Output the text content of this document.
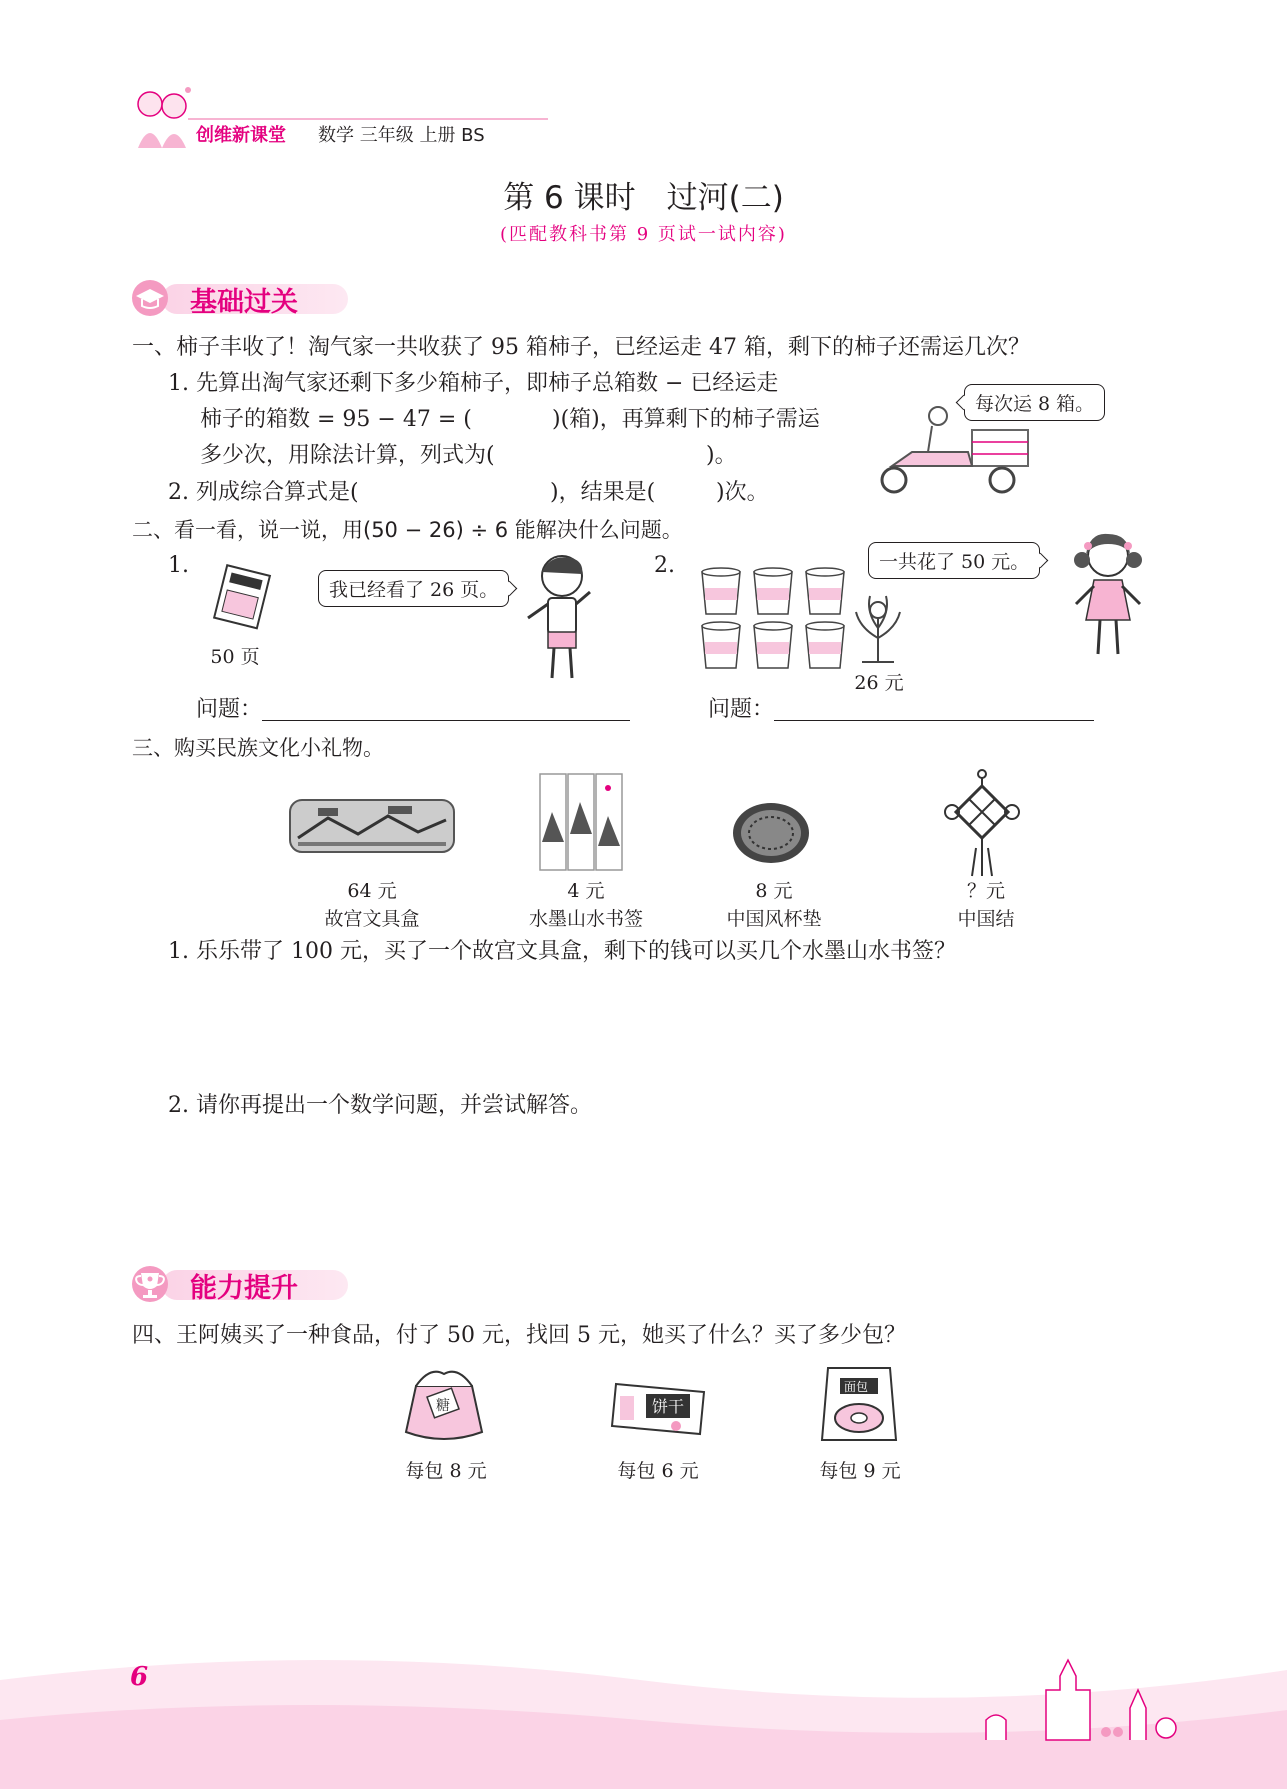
创维新课堂 数学 三年级 上册 BS
第 6 课时　过河(二)
(匹配教科书第 9 页试一试内容)
基础过关
一、柿子丰收了！淘气家一共收获了 95 箱柿子，已经运走 47 箱，剩下的柿子还需运几次？
1. 先算出淘气家还剩下多少箱柿子，即柿子总箱数 − 已经运走
柿子的箱数 = 95 − 47 = (	)(箱)，再算剩下的柿子需运
多少次，用除法计算，列式为(	)。
2. 列成综合算式是(	)，结果是(	)次。
每次运 8 箱。
二、看一看，说一说，用(50 − 26) ÷ 6 能解决什么问题。
1.
50 页
我已经看了 26 页。
问题：
2.
26 元
一共花了 50 元。
问题：
三、购买民族文化小礼物。
64 元
故宫文具盒
4 元
水墨山水书签
8 元
中国风杯垫
？元
中国结
1. 乐乐带了 100 元，买了一个故宫文具盒，剩下的钱可以买几个水墨山水书签？
2. 请你再提出一个数学问题，并尝试解答。
能力提升
四、王阿姨买了一种食品，付了 50 元，找回 5 元，她买了什么？买了多少包？
糖	饼干
面包
每包 8 元	每包 6 元	每包 9 元
6
